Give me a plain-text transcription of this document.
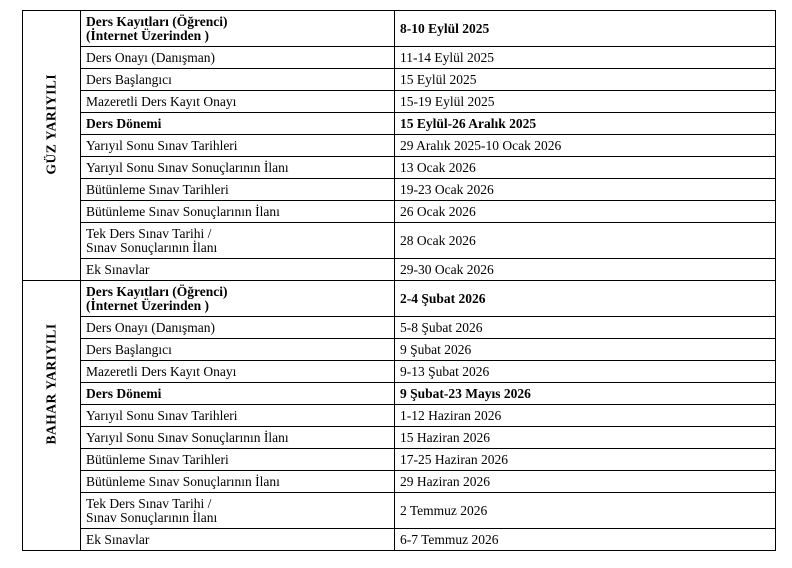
GÜZ YARIYILI	Ders Kayıtları (Öğrenci)
(İnternet Üzerinden )	8-10 Eylül 2025
	Ders Onayı (Danışman)	11-14 Eylül 2025
	Ders Başlangıcı	15 Eylül 2025
	Mazeretli Ders Kayıt Onayı	15-19 Eylül 2025
	Ders Dönemi	15 Eylül-26 Aralık 2025
	Yarıyıl Sonu Sınav Tarihleri	29 Aralık 2025-10 Ocak 2026
	Yarıyıl Sonu Sınav Sonuçlarının İlanı	13 Ocak 2026
	Bütünleme Sınav Tarihleri	19-23 Ocak 2026
	Bütünleme Sınav Sonuçlarının İlanı	26 Ocak 2026
	Tek Ders Sınav Tarihi /
Sınav Sonuçlarının İlanı	28 Ocak 2026
	Ek Sınavlar	29-30 Ocak 2026

BAHAR YARIYILI	Ders Kayıtları (Öğrenci)
(İnternet Üzerinden )	2-4 Şubat 2026
	Ders Onayı (Danışman)	5-8 Şubat 2026
	Ders Başlangıcı	9 Şubat 2026
	Mazeretli Ders Kayıt Onayı	9-13 Şubat 2026
	Ders Dönemi	9 Şubat-23 Mayıs 2026
	Yarıyıl Sonu Sınav Tarihleri	1-12 Haziran 2026
	Yarıyıl Sonu Sınav Sonuçlarının İlanı	15 Haziran 2026
	Bütünleme Sınav Tarihleri	17-25 Haziran 2026
	Bütünleme Sınav Sonuçlarının İlanı	29 Haziran 2026
	Tek Ders Sınav Tarihi /
Sınav Sonuçlarının İlanı	2 Temmuz 2026
	Ek Sınavlar	6-7 Temmuz 2026
